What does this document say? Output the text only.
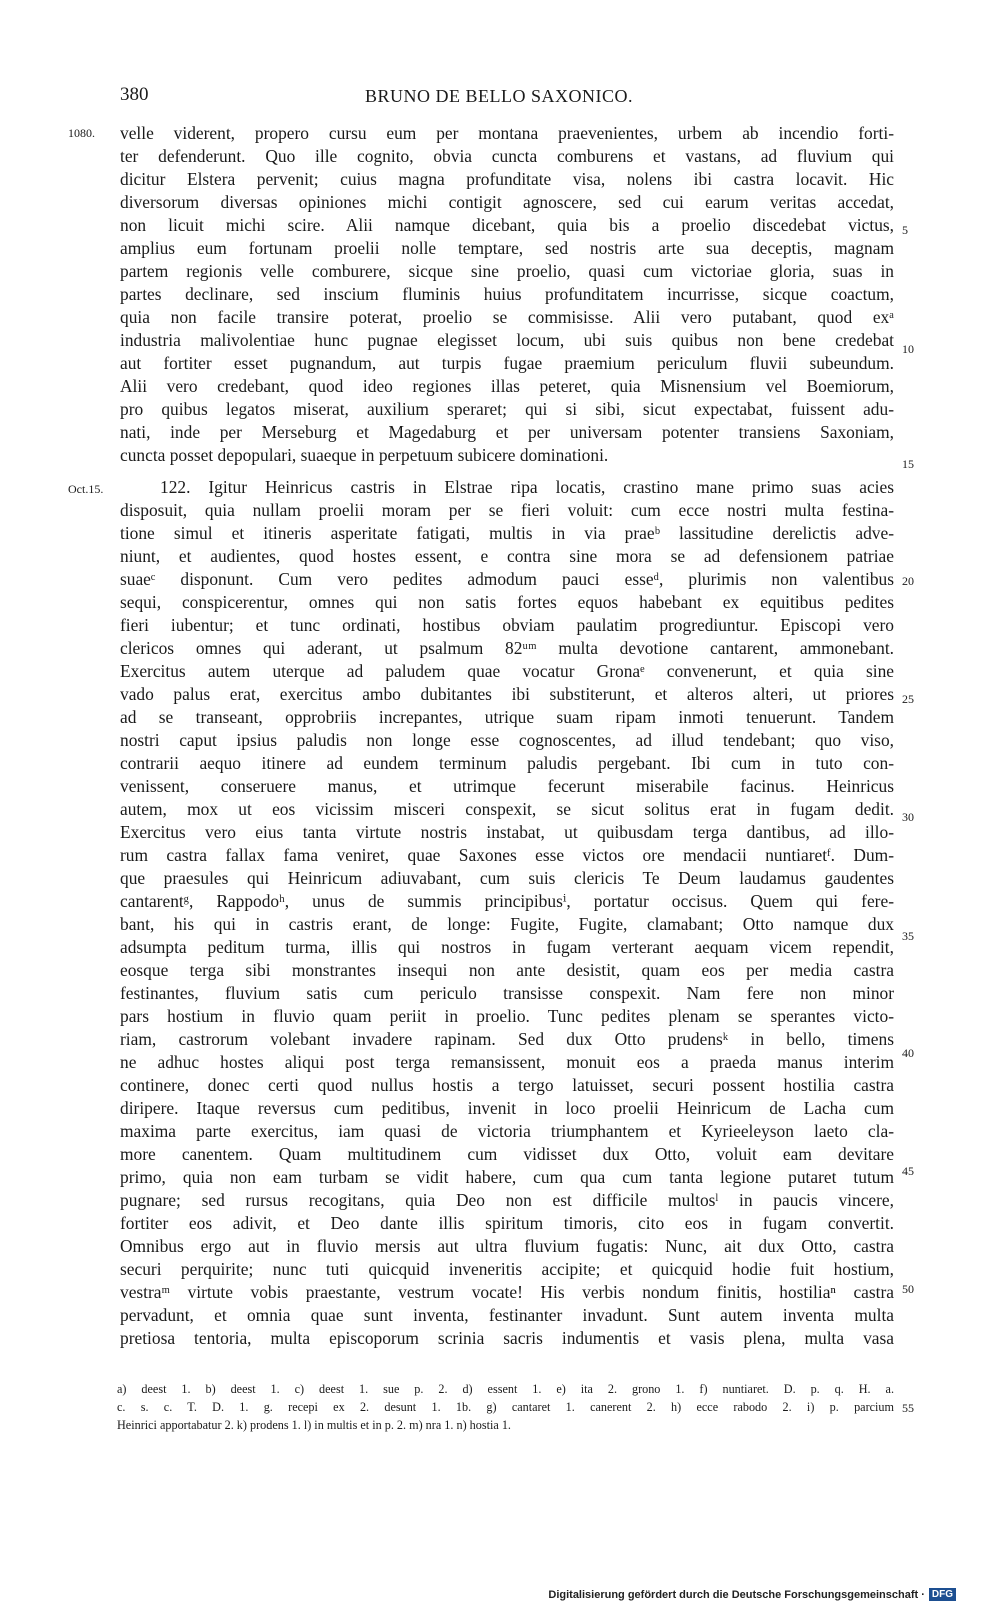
380	BRUNO DE BELLO SAXONICO.
1080.
Oct.15.
5
10
15
20
25
30
35
40
45
50
velle viderent, propero cursu eum per montana praevenientes, urbem ab incendio forti-
ter defenderunt. Quo ille cognito, obvia cuncta comburens et vastans, ad fluvium qui
dicitur Elstera pervenit; cuius magna profunditate visa, nolens ibi castra locavit. Hic
diversorum diversas opiniones michi contigit agnoscere, sed cui earum veritas accedat,
non licuit michi scire. Alii namque dicebant, quia bis a proelio discedebat victus,
amplius eum fortunam proelii nolle temptare, sed nostris arte sua deceptis, magnam
partem regionis velle comburere, sicque sine proelio, quasi cum victoriae gloria, suas in
partes declinare, sed inscium fluminis huius profunditatem incurrisse, sicque coactum,
quia non facile transire poterat, proelio se commisisse. Alii vero putabant, quod exᵃ
industria malivolentiae hunc pugnae elegisset locum, ubi suis quibus non bene credebat
aut fortiter esset pugnandum, aut turpis fugae praemium periculum fluvii subeundum.
Alii vero credebant, quod ideo regiones illas peteret, quia Misnensium vel Boemiorum,
pro quibus legatos miserat, auxilium speraret; qui si sibi, sicut expectabat, fuissent adu-
nati, inde per Merseburg et Magedaburg et per universam potenter transiens Saxoniam,
cuncta posset depopulari, suaeque in perpetuum subicere dominationi.
122. Igitur Heinricus castris in Elstrae ripa locatis, crastino mane primo suas acies
disposuit, quia nullam proelii moram per se fieri voluit: cum ecce nostri multa festina-
tione simul et itineris asperitate fatigati, multis in via praeᵇ lassitudine derelictis adve-
niunt, et audientes, quod hostes essent, e contra sine mora se ad defensionem patriae
suaeᶜ disponunt. Cum vero pedites admodum pauci esseᵈ, plurimis non valentibus
sequi, conspicerentur, omnes qui non satis fortes equos habebant ex equitibus pedites
fieri iubentur; et tunc ordinati, hostibus obviam paulatim progrediuntur. Episcopi vero
clericos omnes qui aderant, ut psalmum 82ᵘᵐ multa devotione cantarent, ammonebant.
Exercitus autem uterque ad paludem quae vocatur Gronaᵉ convenerunt, et quia sine
vado palus erat, exercitus ambo dubitantes ibi substiterunt, et alteros alteri, ut priores
ad se transeant, opprobriis increpantes, utrique suam ripam inmoti tenuerunt. Tandem
nostri caput ipsius paludis non longe esse cognoscentes, ad illud tendebant; quo viso,
contrarii aequo itinere ad eundem terminum paludis pergebant. Ibi cum in tuto con-
venissent, conseruere manus, et utrimque fecerunt miserabile facinus. Heinricus
autem, mox ut eos vicissim misceri conspexit, se sicut solitus erat in fugam dedit.
Exercitus vero eius tanta virtute nostris instabat, ut quibusdam terga dantibus, ad illo-
rum castra fallax fama veniret, quae Saxones esse victos ore mendacii nuntiaretᶠ. Dum-
que praesules qui Heinricum adiuvabant, cum suis clericis Te Deum laudamus gaudentes
cantarentᵍ, Rappodoʰ, unus de summis principibusⁱ, portatur occisus. Quem qui fere-
bant, his qui in castris erant, de longe: Fugite, Fugite, clamabant; Otto namque dux
adsumpta peditum turma, illis qui nostros in fugam verterant aequam vicem rependit,
eosque terga sibi monstrantes insequi non ante desistit, quam eos per media castra
festinantes, fluvium satis cum periculo transisse conspexit. Nam fere non minor
pars hostium in fluvio quam periit in proelio. Tunc pedites plenam se sperantes victo-
riam, castrorum volebant invadere rapinam. Sed dux Otto prudensᵏ in bello, timens
ne adhuc hostes aliqui post terga remansissent, monuit eos a praeda manus interim
continere, donec certi quod nullus hostis a tergo latuisset, securi possent hostilia castra
diripere. Itaque reversus cum peditibus, invenit in loco proelii Heinricum de Lacha cum
maxima parte exercitus, iam quasi de victoria triumphantem et Kyrieeleyson laeto cla-
more canentem. Quam multitudinem cum vidisset dux Otto, voluit eam devitare
primo, quia non eam turbam se vidit habere, cum qua cum tanta legione putaret tutum
pugnare; sed rursus recogitans, quia Deo non est difficile multosˡ in paucis vincere,
fortiter eos adivit, et Deo dante illis spiritum timoris, cito eos in fugam convertit.
Omnibus ergo aut in fluvio mersis aut ultra fluvium fugatis: Nunc, ait dux Otto, castra
securi perquirite; nunc tuti quicquid inveneritis accipite; et quicquid hodie fuit hostium,
vestraᵐ virtute vobis praestante, vestrum vocate! His verbis nondum finitis, hostiliaⁿ castra
pervadunt, et omnia quae sunt inventa, festinanter invadunt. Sunt autem inventa multa
pretiosa tentoria, multa episcoporum scrinia sacris indumentis et vasis plena, multa vasa
a) deest 1. b) deest 1. c) deest 1. sue p. 2. d) essent 1. e) ita 2. grono 1. f) nuntiaret. D. p. q. H. a.
c. s. c. T. D. 1. g. recepi ex 2. desunt 1. 1b. g) cantaret 1. canerent 2. h) ecce rabodo 2. i) p. parcium
Heinrici apportabatur 2. k) prodens 1. l) in multis et in p. 2. m) nra 1. n) hostia 1.
55
Digitalisierung gefördert durch die Deutsche Forschungsgemeinschaft · DFG
